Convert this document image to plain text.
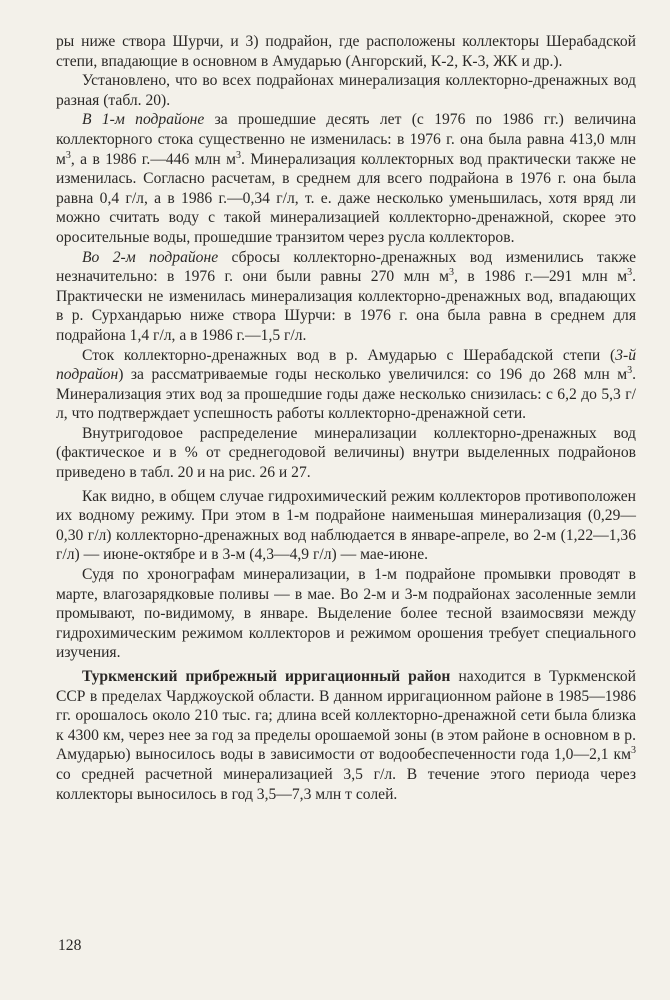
ры ниже створа Шурчи, и 3) подрайон, где расположены коллекторы Шерабадской степи, впадающие в основном в Амударью (Ангорский, К-2, К-3, ЖК и др.).

Установлено, что во всех подрайонах минерализация коллекторно-дренажных вод разная (табл. 20).

В 1-м подрайоне за прошедшие десять лет (с 1976 по 1986 гг.) величина коллекторного стока существенно не изменилась: в 1976 г. она была равна 413,0 млн $м^3$, а в 1986 г.—446 млн $м^3$. Минерализация коллекторных вод практически также не изменилась. Согласно расчетам, в среднем для всего подрайона в 1976 г. она была равна 0,4 г/л, а в 1986 г.—0,34 г/л, т. е. даже несколько уменьшилась, хотя вряд ли можно считать воду с такой минерализацией коллекторно-дренажной, скорее это оросительные воды, прошедшие транзитом через русла коллекторов.

Во 2-м подрайоне сбросы коллекторно-дренажных вод изменились также незначительно: в 1976 г. они были равны 270 млн $м^3$, в 1986 г.—291 млн $м^3$. Практически не изменилась минерализация коллекторно-дренажных вод, впадающих в р. Сурхандарью ниже створа Шурчи: в 1976 г. она была равна в среднем для подрайона 1,4 г/л, а в 1986 г.—1,5 г/л.

Сток коллекторно-дренажных вод в р. Амударью с Шерабадской степи (3-й подрайон) за рассматриваемые годы несколько увеличился: со 196 до 268 млн $м^3$. Минерализация этих вод за прошедшие годы даже несколько снизилась: с 6,2 до 5,3 г/л, что подтверждает успешность работы коллекторно-дренажной сети.

Внутригодовое распределение минерализации коллекторно-дренажных вод (фактическое и в % от среднегодовой величины) внутри выделенных подрайонов приведено в табл. 20 и на рис. 26 и 27.

Как видно, в общем случае гидрохимический режим коллекторов противоположен их водному режиму. При этом в 1-м подрайоне наименьшая минерализация (0,29—0,30 г/л) коллекторно-дренажных вод наблюдается в январе-апреле, во 2-м (1,22—1,36 г/л) — июне-октябре и в 3-м (4,3—4,9 г/л) — мае-июне.

Судя по хронографам минерализации, в 1-м подрайоне промывки проводят в марте, влагозарядковые поливы — в мае. Во 2-м и 3-м подрайонах засоленные земли промывают, по-видимому, в январе. Выделение более тесной взаимосвязи между гидрохимическим режимом коллекторов и режимом орошения требует специального изучения.

Туркменский прибрежный ирригационный район находится в Туркменской ССР в пределах Чарджоуской области. В данном ирригационном районе в 1985—1986 гг. орошалось около 210 тыс. га; длина всей коллекторно-дренажной сети была близка к 4300 км, через нее за год за пределы орошаемой зоны (в этом районе в основном в р. Амударью) выносилось воды в зависимости от водообеспеченности года 1,0—2,1 $км^3$ со средней расчетной минерализацией 3,5 г/л. В течение этого периода через коллекторы выносилось в год 3,5—7,3 млн т солей.

128
